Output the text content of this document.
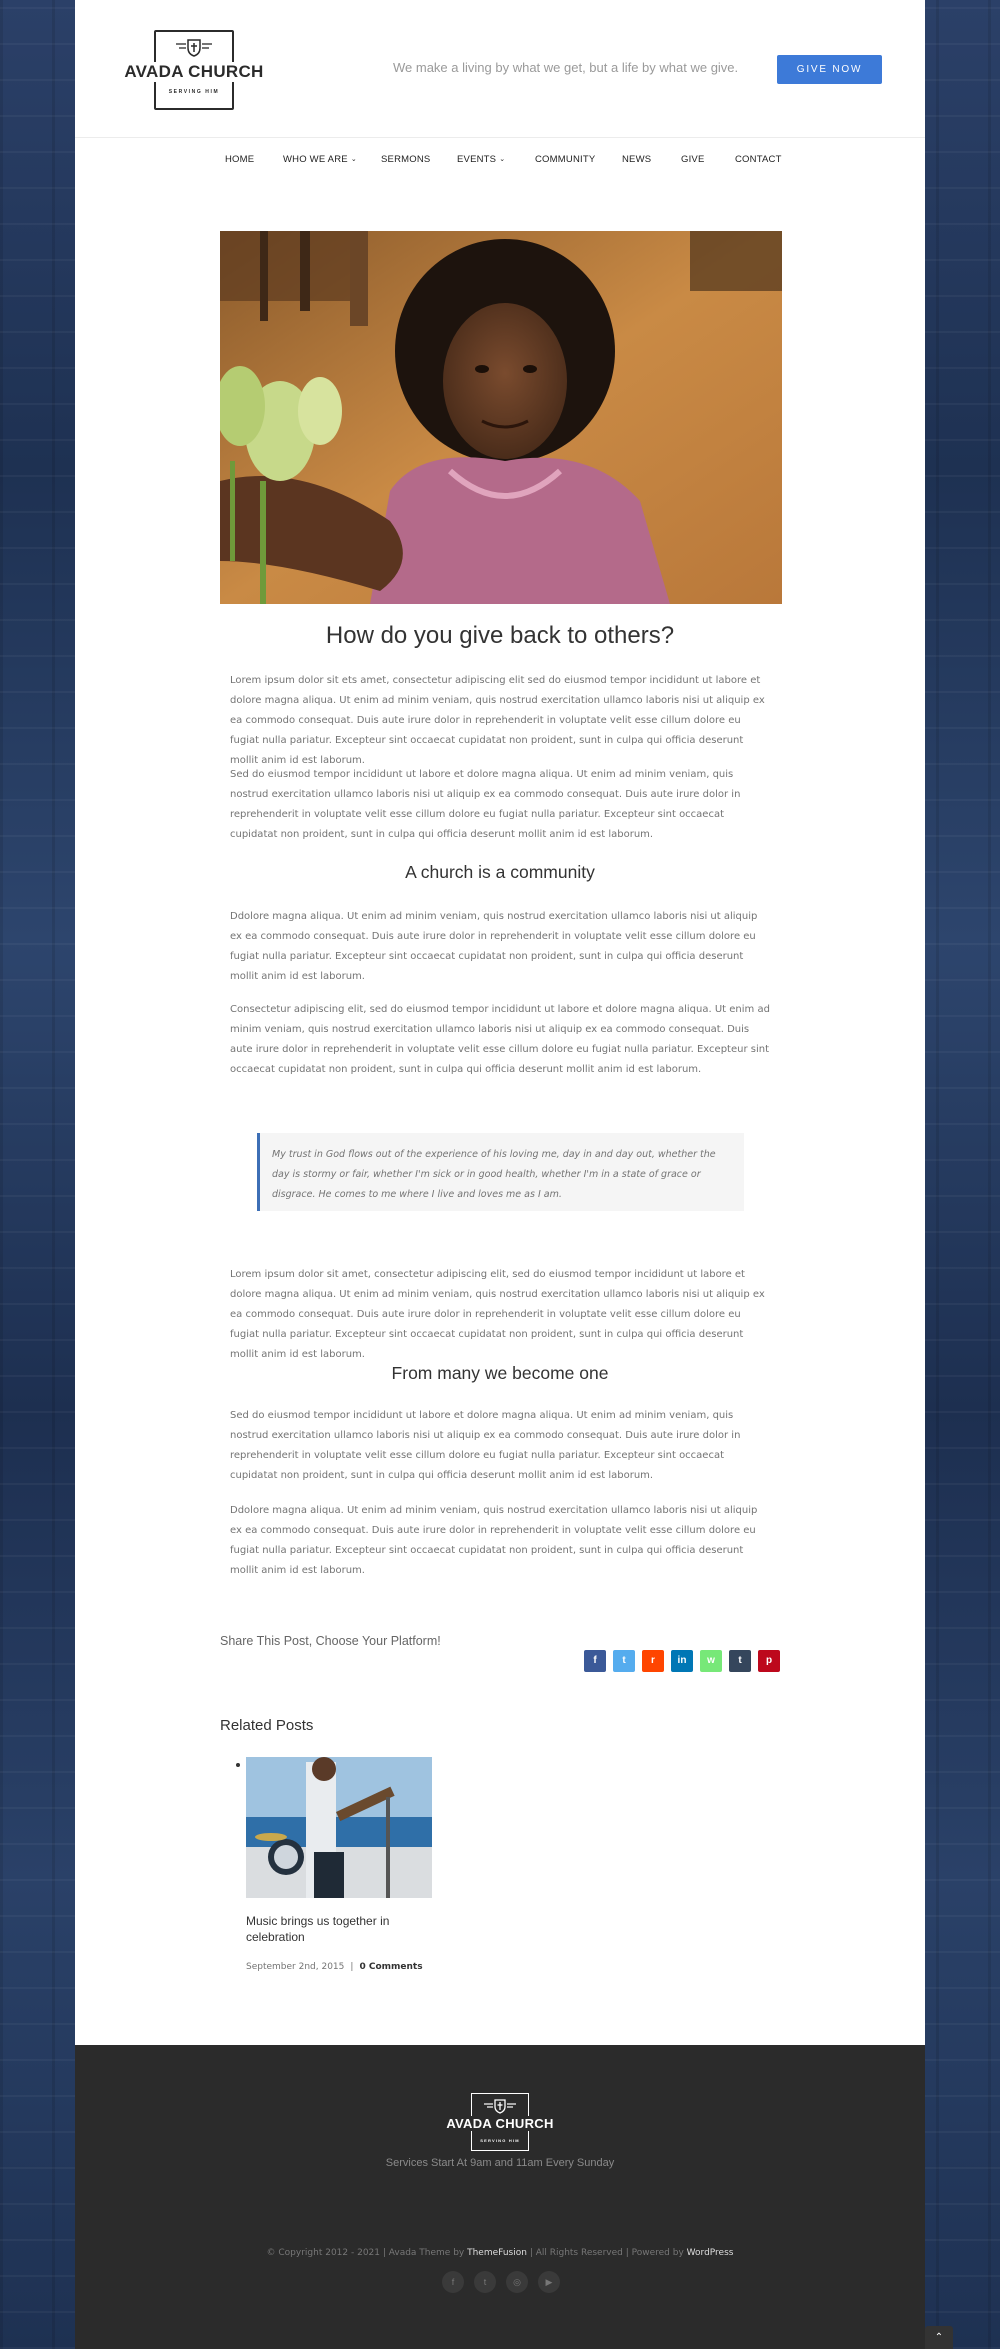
AVADA CHURCH
SERVING HIM
We make a living by what we get, but a life by what we give.	GIVE NOW
HOME	WHO WE ARE ⌄	SERMONS	EVENTS ⌄	COMMUNITY	NEWS	GIVE	CONTACT
How do you give back to others?

Lorem ipsum dolor sit ets amet, consectetur adipiscing elit sed do eiusmod tempor incididunt ut labore et dolore magna aliqua. Ut enim ad minim veniam, quis nostrud exercitation ullamco laboris nisi ut aliquip ex ea commodo consequat. Duis aute irure dolor in reprehenderit in voluptate velit esse cillum dolore eu fugiat nulla pariatur. Excepteur sint occaecat cupidatat non proident, sunt in culpa qui officia deserunt mollit anim id est laborum.

Sed do eiusmod tempor incididunt ut labore et dolore magna aliqua. Ut enim ad minim veniam, quis nostrud exercitation ullamco laboris nisi ut aliquip ex ea commodo consequat. Duis aute irure dolor in reprehenderit in voluptate velit esse cillum dolore eu fugiat nulla pariatur. Excepteur sint occaecat cupidatat non proident, sunt in culpa qui officia deserunt mollit anim id est laborum.

A church is a community

Ddolore magna aliqua. Ut enim ad minim veniam, quis nostrud exercitation ullamco laboris nisi ut aliquip ex ea commodo consequat. Duis aute irure dolor in reprehenderit in voluptate velit esse cillum dolore eu fugiat nulla pariatur. Excepteur sint occaecat cupidatat non proident, sunt in culpa qui officia deserunt mollit anim id est laborum.

Consectetur adipiscing elit, sed do eiusmod tempor incididunt ut labore et dolore magna aliqua. Ut enim ad minim veniam, quis nostrud exercitation ullamco laboris nisi ut aliquip ex ea commodo consequat. Duis aute irure dolor in reprehenderit in voluptate velit esse cillum dolore eu fugiat nulla pariatur. Excepteur sint occaecat cupidatat non proident, sunt in culpa qui officia deserunt mollit anim id est laborum.

My trust in God flows out of the experience of his loving me, day in and day out, whether the day is stormy or fair, whether I'm sick or in good health, whether I'm in a state of grace or disgrace. He comes to me where I live and loves me as I am.

Lorem ipsum dolor sit amet, consectetur adipiscing elit, sed do eiusmod tempor incididunt ut labore et dolore magna aliqua. Ut enim ad minim veniam, quis nostrud exercitation ullamco laboris nisi ut aliquip ex ea commodo consequat. Duis aute irure dolor in reprehenderit in voluptate velit esse cillum dolore eu fugiat nulla pariatur. Excepteur sint occaecat cupidatat non proident, sunt in culpa qui officia deserunt mollit anim id est laborum.

From many we become one

Sed do eiusmod tempor incididunt ut labore et dolore magna aliqua. Ut enim ad minim veniam, quis nostrud exercitation ullamco laboris nisi ut aliquip ex ea commodo consequat. Duis aute irure dolor in reprehenderit in voluptate velit esse cillum dolore eu fugiat nulla pariatur. Excepteur sint occaecat cupidatat non proident, sunt in culpa qui officia deserunt mollit anim id est laborum.

Ddolore magna aliqua. Ut enim ad minim veniam, quis nostrud exercitation ullamco laboris nisi ut aliquip ex ea commodo consequat. Duis aute irure dolor in reprehenderit in voluptate velit esse cillum dolore eu fugiat nulla pariatur. Excepteur sint occaecat cupidatat non proident, sunt in culpa qui officia deserunt mollit anim id est laborum.

Share This Post, Choose Your Platform!
f	t	r	in	w	t	p
Related Posts
Music brings us together in celebration
September 2nd, 2015 | 0 Comments
AVADA CHURCH
SERVING HIM
Services Start At 9am and 11am Every Sunday
© Copyright 2012 - 2021 | Avada Theme by ThemeFusion | All Rights Reserved | Powered by WordPress
f	t	◎	▶
⌃
